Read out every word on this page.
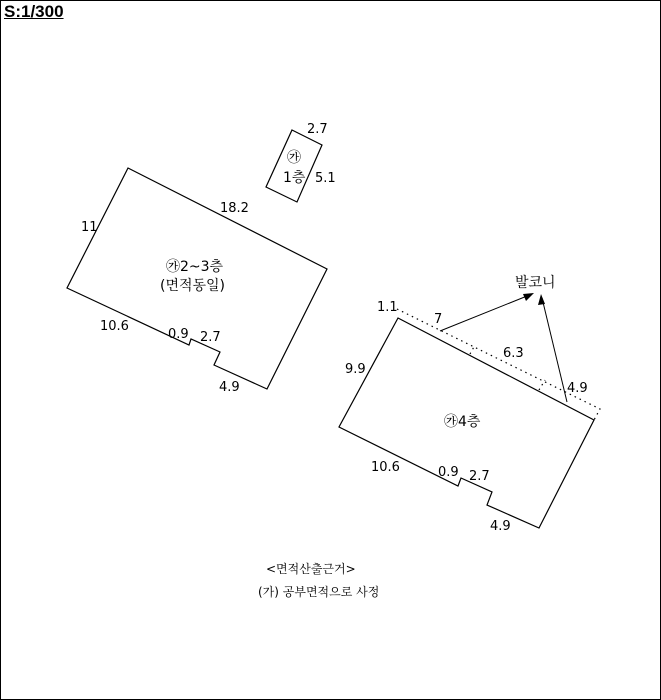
S:1/300
㉮
1층
2.7
5.1
11
18.2
㉮2~3층
(면적동일)
10.6
0.9 2.7
4.9
발코니
1.1
7
6.3
4.9
9.9
㉮4층
10.6	0.9 2.7
4.9
<면적산출근거>
(가) 공부면적으로 사정
